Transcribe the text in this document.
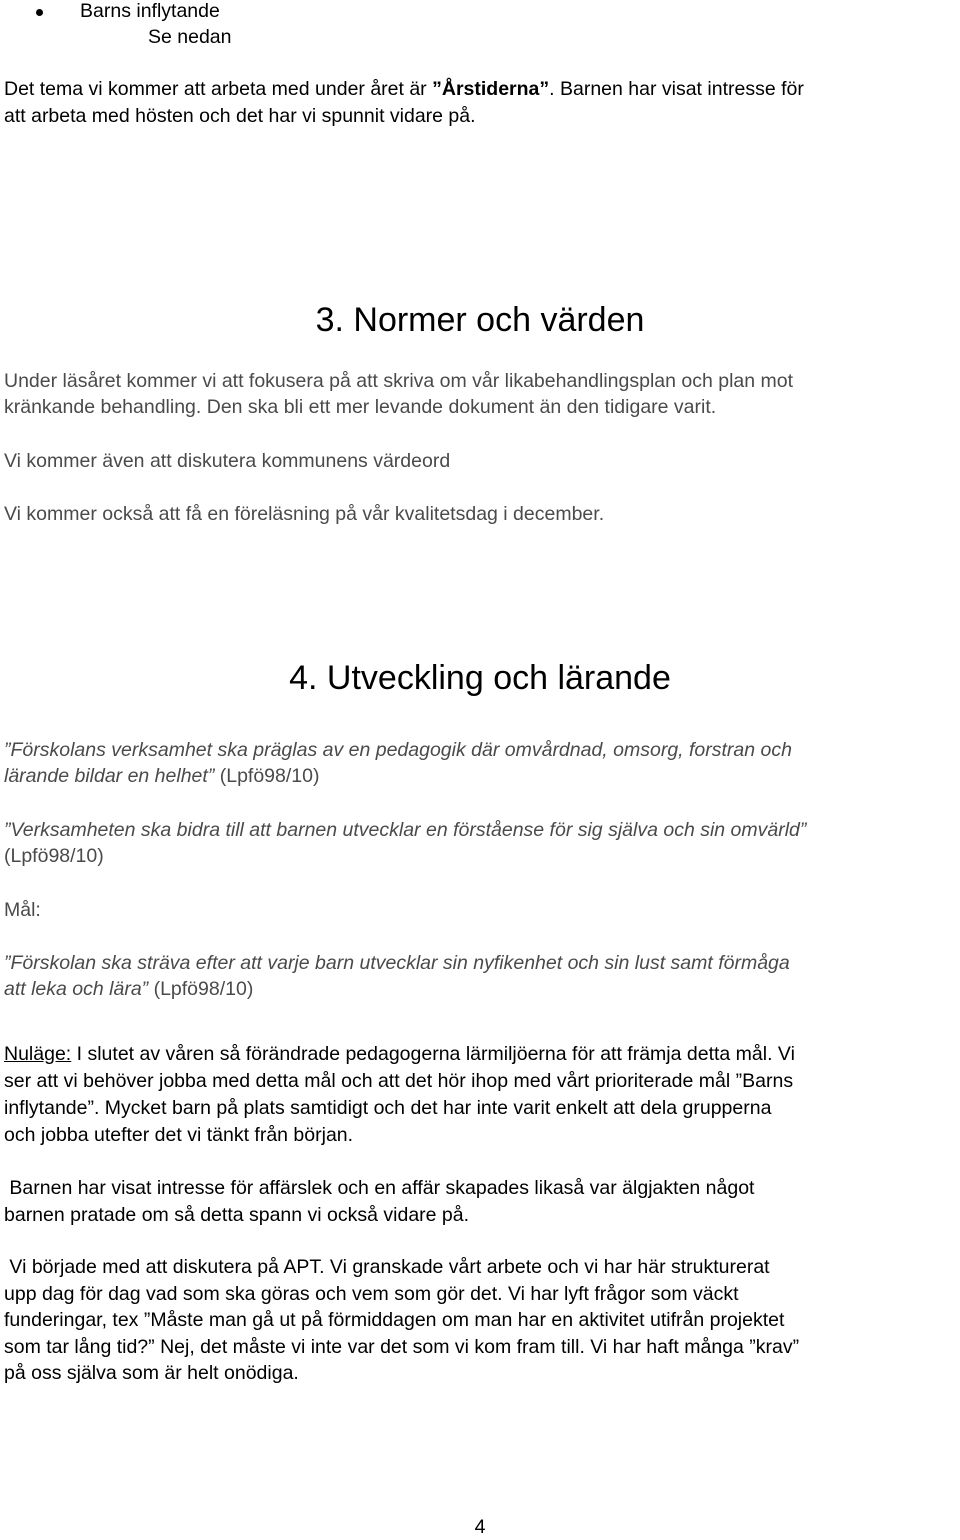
Barns inflytande
Se nedan

Det tema vi kommer att arbeta med under året är ”Årstiderna”. Barnen har visat intresse för

att arbeta med hösten och det har vi spunnit vidare på.

3. Normer och värden

Under läsåret kommer vi att fokusera på att skriva om vår likabehandlingsplan och plan mot

kränkande behandling. Den ska bli ett mer levande dokument än den tidigare varit.

Vi kommer även att diskutera kommunens värdeord

Vi kommer också att få en föreläsning på vår kvalitetsdag i december.

4. Utveckling och lärande

”Förskolans verksamhet ska präglas av en pedagogik där omvårdnad, omsorg, forstran och

lärande bildar en helhet” (Lpfö98/10)

”Verksamheten ska bidra till att barnen utvecklar en förståense för sig själva och sin omvärld”

(Lpfö98/10)

Mål:

”Förskolan ska sträva efter att varje barn utvecklar sin nyfikenhet och sin lust samt förmåga

att leka och lära” (Lpfö98/10)

Nuläge: I slutet av våren så förändrade pedagogerna lärmiljöerna för att främja detta mål. Vi

ser att vi behöver jobba med detta mål och att det hör ihop med vårt prioriterade mål ”Barns

inflytande”. Mycket barn på plats samtidigt och det har inte varit enkelt att dela grupperna

och jobba utefter det vi tänkt från början.

Barnen har visat intresse för affärslek och en affär skapades likaså var älgjakten något

barnen pratade om så detta spann vi också vidare på.

Vi började med att diskutera på APT. Vi granskade vårt arbete och vi har här strukturerat

upp dag för dag vad som ska göras och vem som gör det. Vi har lyft frågor som väckt

funderingar, tex ”Måste man gå ut på förmiddagen om man har en aktivitet utifrån projektet

som tar lång tid?” Nej, det måste vi inte var det som vi kom fram till. Vi har haft många ”krav”

på oss själva som är helt onödiga.

4
